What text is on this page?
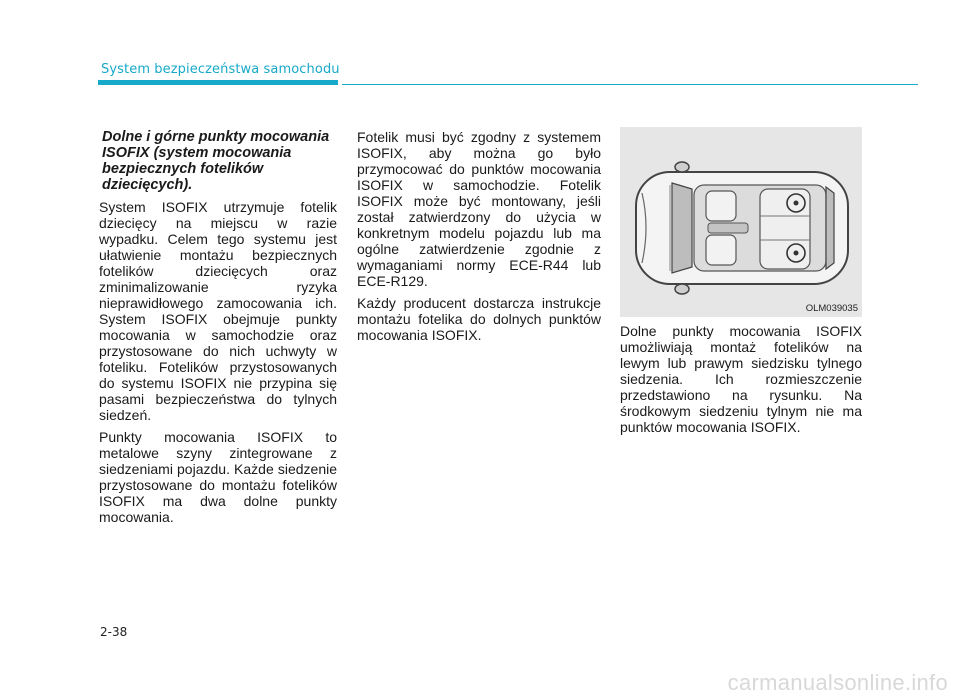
System bezpieczeństwa samochodu

Dolne i górne punkty mocowania ISOFIX (system mocowania bezpiecznych fotelików dziecięcych).

System ISOFIX utrzymuje fotelik dziecięcy na miejscu w razie wypadku. Celem tego systemu jest ułatwienie montażu bezpiecznych fotelików dziecięcych oraz zminimalizowanie ryzyka nieprawidłowego zamocowania ich. System ISOFIX obejmuje punkty mocowania w samochodzie oraz przystosowane do nich uchwyty w foteliku. Fotelików przystosowanych do systemu ISOFIX nie przypina się pasami bezpieczeństwa do tylnych siedzeń.

Punkty mocowania ISOFIX to metalowe szyny zintegrowane z siedzeniami pojazdu. Każde siedzenie przystosowane do montażu fotelików ISOFIX ma dwa dolne punkty mocowania.

Fotelik musi być zgodny z systemem ISOFIX, aby można go było przymocować do punktów mocowania ISOFIX w samochodzie. Fotelik ISOFIX może być montowany, jeśli został zatwierdzony do użycia w konkretnym modelu pojazdu lub ma ogólne zatwierdzenie zgodnie z wymaganiami normy ECE-R44 lub ECE-R129.

Każdy producent dostarcza instrukcje montażu fotelika do dolnych punktów mocowania ISOFIX.

OLM039035

Dolne punkty mocowania ISOFIX umożliwiają montaż fotelików na lewym lub prawym siedzisku tylnego siedzenia. Ich rozmieszczenie przedstawiono na rysunku. Na środkowym siedzeniu tylnym nie ma punktów mocowania ISOFIX.

2-38
carmanualsonline.info
